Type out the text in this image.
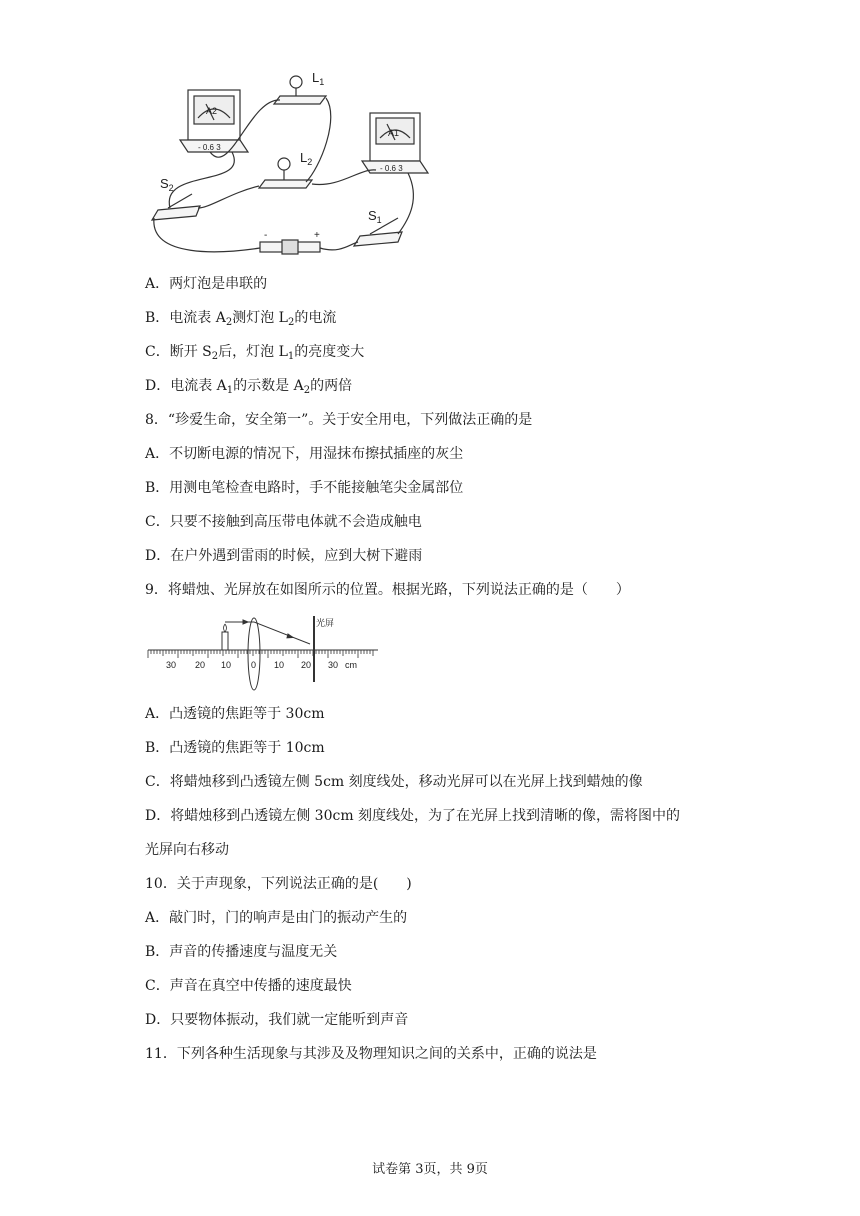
$L_1$
$L_2$
$S_2$
$S_1$
A2
A1
- 0.6 3
- 0.6 3
-	+
A．两灯泡是串联的
B．电流表 $A_2$测灯泡 $L_2$的电流
C．断开 $S_2$后，灯泡 $L_1$的亮度变大
D．电流表 $A_1$的示数是 $A_2$的两倍
8．“珍爱生命，安全第一”。关于安全用电，下列做法正确的是
A．不切断电源的情况下，用湿抹布擦拭插座的灰尘
B．用测电笔检查电路时，手不能接触笔尖金属部位
C．只要不接触到高压带电体就不会造成触电
D．在户外遇到雷雨的时候，应到大树下避雨
9．将蜡烛、光屏放在如图所示的位置。根据光路，下列说法正确的是（　　）
光屏
30 20 10 0 10 20 30 cm
A．凸透镜的焦距等于 30cm
B．凸透镜的焦距等于 10cm
C．将蜡烛移到凸透镜左侧 5cm 刻度线处，移动光屏可以在光屏上找到蜡烛的像
D．将蜡烛移到凸透镜左侧 30cm 刻度线处，为了在光屏上找到清晰的像，需将图中的
光屏向右移动
10．关于声现象，下列说法正确的是(　　)
A．敲门时，门的响声是由门的振动产生的
B．声音的传播速度与温度无关
C．声音在真空中传播的速度最快
D．只要物体振动，我们就一定能听到声音
11．下列各种生活现象与其涉及及物理知识之间的关系中，正确的说法是
试卷第 3页，共 9页
